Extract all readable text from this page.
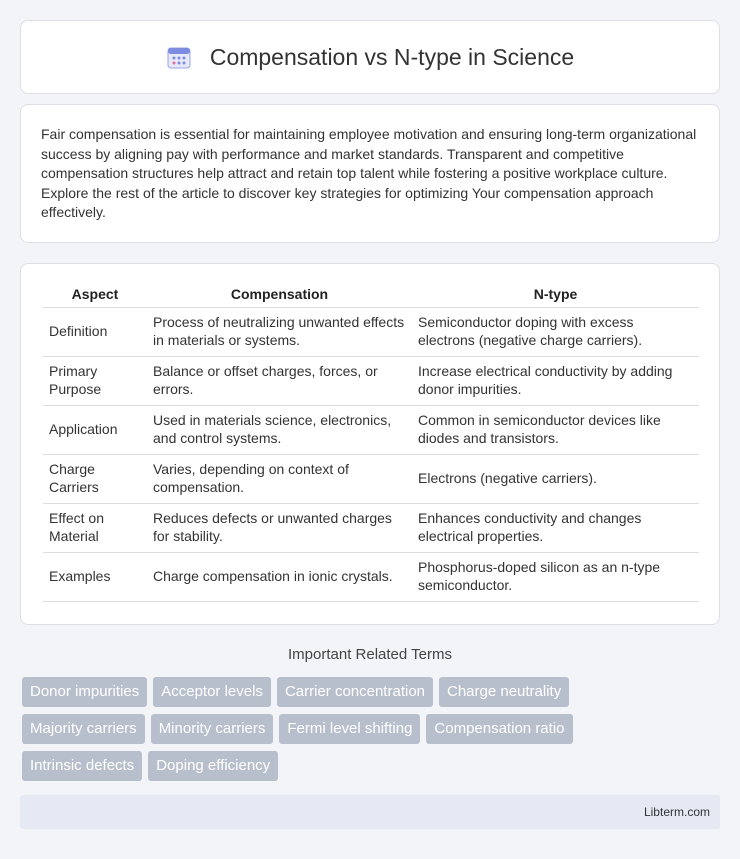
Compensation vs N-type in Science

Fair compensation is essential for maintaining employee motivation and ensuring long-term organizational success by aligning pay with performance and market standards. Transparent and competitive compensation structures help attract and retain top talent while fostering a positive workplace culture. Explore the rest of the article to discover key strategies for optimizing Your compensation approach effectively.

Aspect	Compensation	N-type
Definition	Process of neutralizing unwanted effects in materials or systems.	Semiconductor doping with excess electrons (negative charge carriers).
Primary Purpose	Balance or offset charges, forces, or errors.	Increase electrical conductivity by adding donor impurities.
Application	Used in materials science, electronics, and control systems.	Common in semiconductor devices like diodes and transistors.
Charge Carriers	Varies, depending on context of compensation.	Electrons (negative carriers).
Effect on Material	Reduces defects or unwanted charges for stability.	Enhances conductivity and changes electrical properties.
Examples	Charge compensation in ionic crystals.	Phosphorus-doped silicon as an n-type semiconductor.
Important Related Terms
Donor impurities	Acceptor levels	Carrier concentration	Charge neutrality
Majority carriers	Minority carriers	Fermi level shifting	Compensation ratio
Intrinsic defects	Doping efficiency
Libterm.com
